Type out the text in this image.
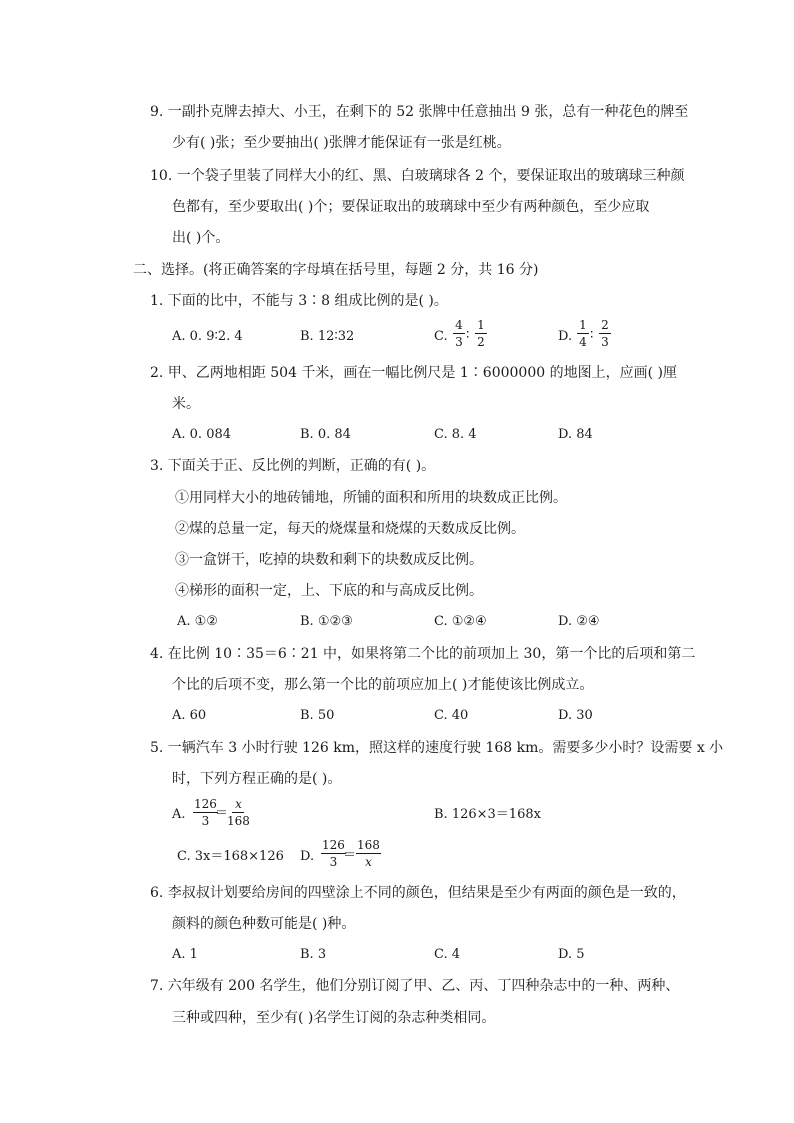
9. 一副扑克牌去掉大、小王，在剩下的 52 张牌中任意抽出 9 张，总有一种花色的牌至
少有( )张；至少要抽出( )张牌才能保证有一张是红桃。
10. 一个袋子里装了同样大小的红、黑、白玻璃球各 2 个，要保证取出的玻璃球三种颜
色都有，至少要取出( )个；要保证取出的玻璃球中至少有两种颜色，至少应取
出( )个。
二、选择。(将正确答案的字母填在括号里，每题 2 分，共 16 分)
1. 下面的比中，不能与 3∶8 组成比例的是( )。
A. 0. 9∶2. 4	B. 12∶32	C. $\frac{4}{3}$ ∶ $\frac{1}{2}$	D. $\frac{1}{4}$ ∶ $\frac{2}{3}$
2. 甲、乙两地相距 504 千米，画在一幅比例尺是 1∶6000000 的地图上，应画( )厘
米。
A. 0. 084	B. 0. 84	C. 8. 4	D. 84
3. 下面关于正、反比例的判断，正确的有( )。
①用同样大小的地砖铺地，所铺的面积和所用的块数成正比例。
②煤的总量一定，每天的烧煤量和烧煤的天数成反比例。
③一盒饼干，吃掉的块数和剩下的块数成反比例。
④梯形的面积一定，上、下底的和与高成反比例。
A. ①②	B. ①②③	C. ①②④	D. ②④
4. 在比例 10∶35＝6∶21 中，如果将第二个比的前项加上 30，第一个比的后项和第二
个比的后项不变，那么第一个比的前项应加上( )才能使该比例成立。
A. 60	B. 50	C. 40	D. 30
5. 一辆汽车 3 小时行驶 126 km，照这样的速度行驶 168 km。需要多少小时？设需要 x 小
时，下列方程正确的是( )。
A. $\frac{126}{3}$
＝
$\frac{x}{168}$	B. 126×3＝168x
C. 3x＝168×126 D. $\frac{126}{3}$
＝ $\frac{168}{x}$
6. 李叔叔计划要给房间的四壁涂上不同的颜色，但结果是至少有两面的颜色是一致的，
颜料的颜色种数可能是( )种。
A. 1	B. 3	C. 4	D. 5
7. 六年级有 200 名学生，他们分别订阅了甲、乙、丙、丁四种杂志中的一种、两种、
三种或四种，至少有( )名学生订阅的杂志种类相同。
